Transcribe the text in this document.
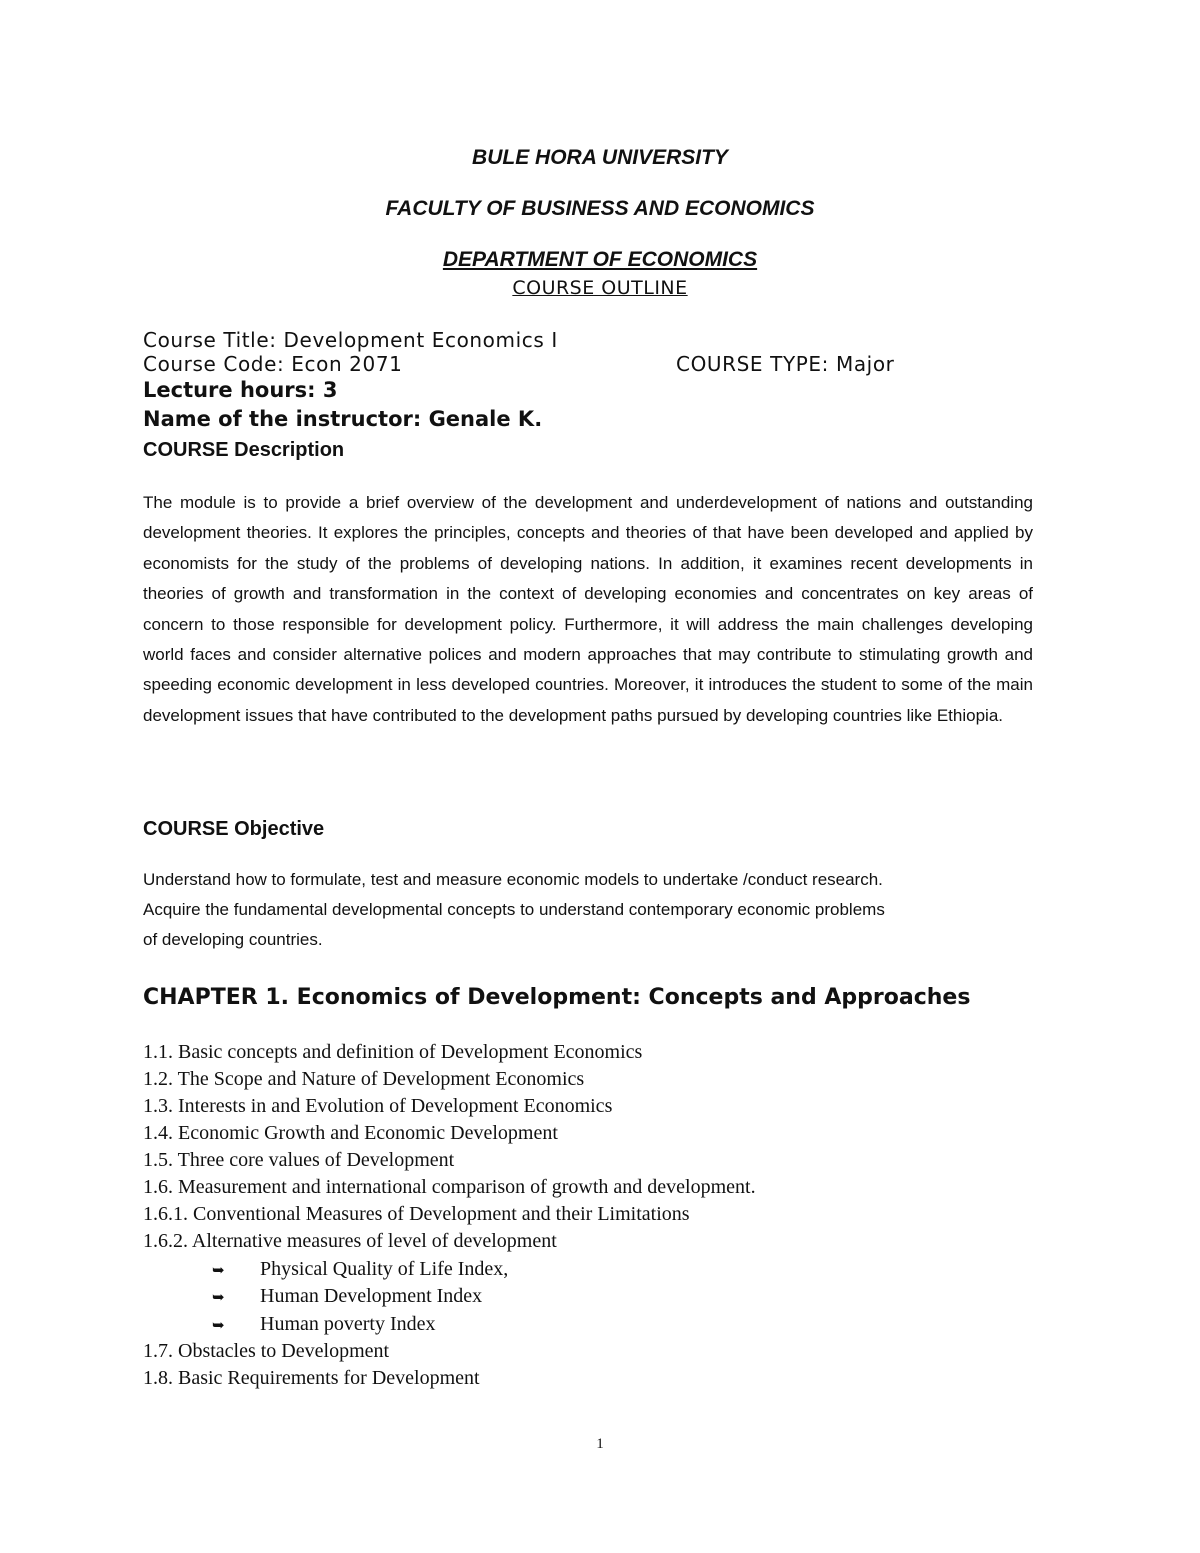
BULE HORA UNIVERSITY
FACULTY OF BUSINESS AND ECONOMICS
DEPARTMENT OF ECONOMICS
COURSE OUTLINE
Course Title: Development Economics I
Course Code: Econ 2071	COURSE TYPE: Major
Lecture hours: 3
Name of the instructor: Genale K.
COURSE Description
The module is to provide a brief overview of the development and underdevelopment of nations and outstanding development theories. It explores the principles, concepts and theories of that have been developed and applied by economists for the study of the problems of developing nations. In addition, it examines recent developments in theories of growth and transformation in the context of developing economies and concentrates on key areas of concern to those responsible for development policy. Furthermore, it will address the main challenges developing world faces and consider alternative polices and modern approaches that may contribute to stimulating growth and speeding economic development in less developed countries. Moreover, it introduces the student to some of the main development issues that have contributed to the development paths pursued by developing countries like Ethiopia.
COURSE Objective
Understand how to formulate, test and measure economic models to undertake /conduct research.
Acquire the fundamental developmental concepts to understand contemporary economic problems
of developing countries.
CHAPTER 1. Economics of Development: Concepts and Approaches
1.1. Basic concepts and definition of Development Economics
1.2. The Scope and Nature of Development Economics
1.3. Interests in and Evolution of Development Economics
1.4. Economic Growth and Economic Development
1.5. Three core values of Development
1.6. Measurement and international comparison of growth and development.
1.6.1. Conventional Measures of Development and their Limitations
1.6.2. Alternative measures of level of development
➥ Physical Quality of Life Index,
➥ Human Development Index
➥ Human poverty Index
1.7. Obstacles to Development
1.8. Basic Requirements for Development
1
